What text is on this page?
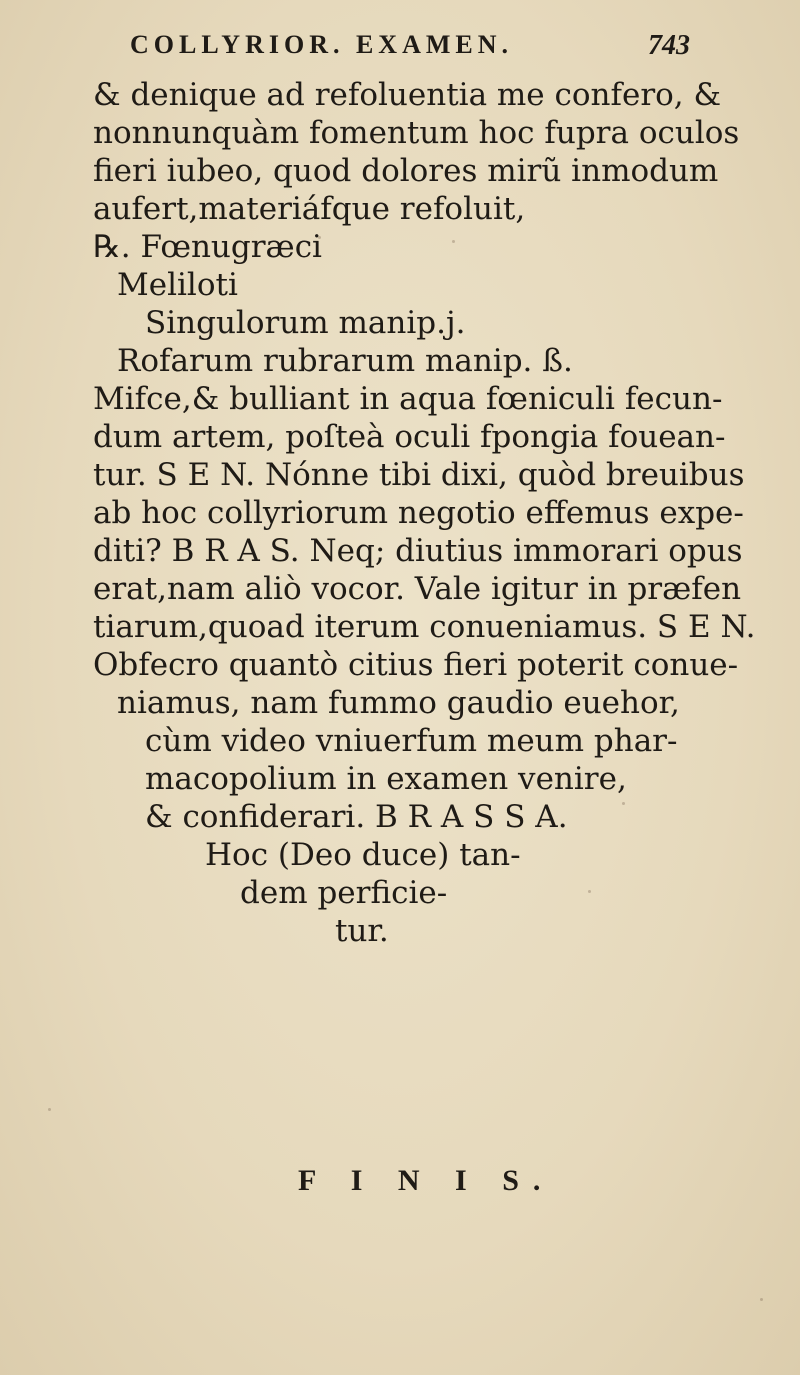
COLLYRIOR. EXAMEN.	743
& denique ad refoluentia me confero, &
nonnunquàm fomentum hoc fupra oculos
fieri iubeo, quod dolores mirũ inmodum
aufert,materiáfque refoluit,
℞. Fœnugræci
Meliloti
Singulorum manip.j.
Rofarum rubrarum manip. ß.
Mifce,& bulliant in aqua fœniculi fecun-
dum artem, poſteà oculi fpongia fouean-
tur. S E N. Nónne tibi dixi, quòd breuibus
ab hoc collyriorum negotio effemus expe-
diti? B R A S. Neq; diutius immorari opus
erat,nam aliò vocor. Vale igitur in præfen
tiarum,quoad iterum conueniamus. S E N.
Obfecro quantò citius fieri poterit conue-
niamus, nam fummo gaudio euehor,
cùm video vniuerfum meum phar-
macopolium in examen venire,
& confiderari. B R A S S A.
Hoc (Deo duce) tan-
dem perficie-
tur.
F I N I S.
